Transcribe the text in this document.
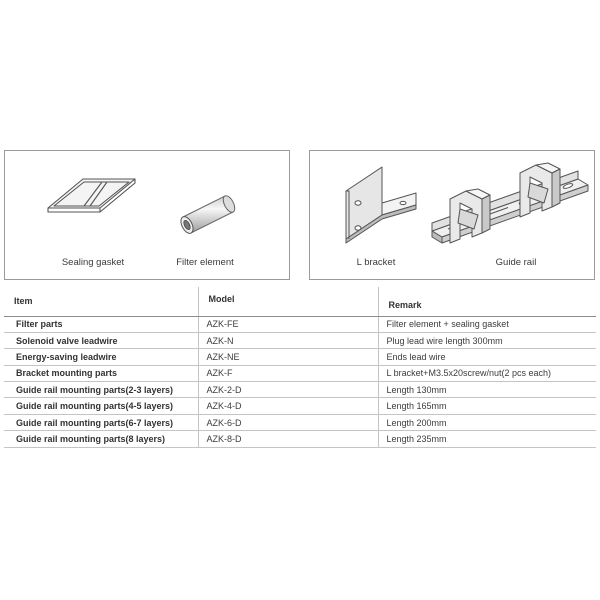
Sealing gasket	Filter element	L bracket	Guide rail
Item	Model	Remark
Filter parts	AZK-FE	Filter element + sealing gasket
Solenoid valve leadwire	AZK-N	Plug lead wire length 300mm
Energy-saving leadwire	AZK-NE	Ends lead wire
Bracket mounting parts	AZK-F	L bracket+M3.5x20screw/nut(2 pcs each)
Guide rail mounting parts(2-3 layers)	AZK-2-D	Length 130mm
Guide rail mounting parts(4-5 layers)	AZK-4-D	Length 165mm
Guide rail mounting parts(6-7 layers)	AZK-6-D	Length 200mm
Guide rail mounting parts(8 layers)	AZK-8-D	Length 235mm
